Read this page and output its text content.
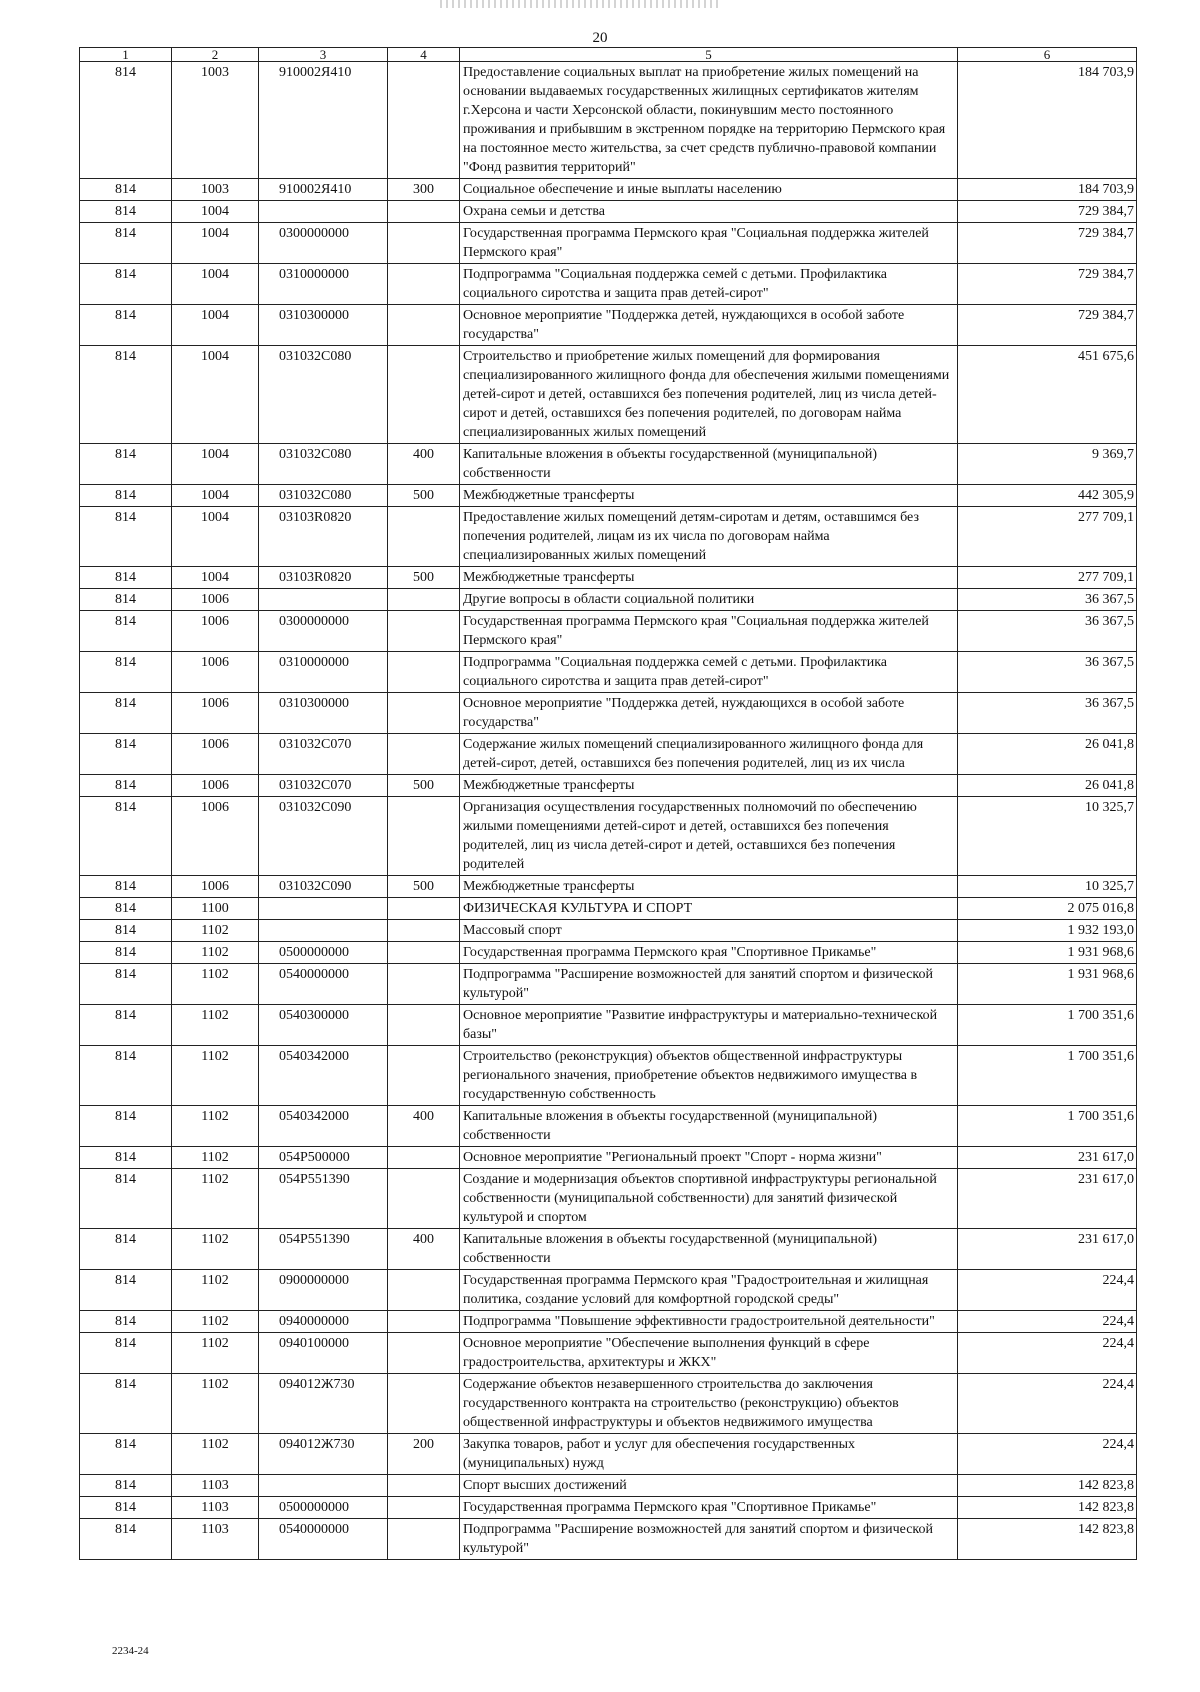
20
1	2	3	4	5	6
814	1003	910002Я410		Предоставление социальных выплат на приобретение жилых помещений на основании выдаваемых государственных жилищных сертификатов жителям г.Херсона и части Херсонской области, покинувшим место постоянного проживания и прибывшим в экстренном порядке на территорию Пермского края на постоянное место жительства, за счет средств публично-правовой компании "Фонд развития территорий"	184 703,9
814	1003	910002Я410	300	Социальное обеспечение и иные выплаты населению	184 703,9
814	1004			Охрана семьи и детства	729 384,7
814	1004	0300000000		Государственная программа Пермского края "Социальная поддержка жителей Пермского края"	729 384,7
814	1004	0310000000		Подпрограмма "Социальная поддержка семей с детьми. Профилактика социального сиротства и защита прав детей-сирот"	729 384,7
814	1004	0310300000		Основное мероприятие "Поддержка детей, нуждающихся в особой заботе государства"	729 384,7
814	1004	031032С080		Строительство и приобретение жилых помещений для формирования специализированного жилищного фонда для обеспечения жилыми помещениями детей-сирот и детей, оставшихся без попечения родителей, лиц из числа детей-сирот и детей, оставшихся без попечения родителей, по договорам найма специализированных жилых помещений	451 675,6
814	1004	031032С080	400	Капитальные вложения в объекты государственной (муниципальной) собственности	9 369,7
814	1004	031032С080	500	Межбюджетные трансферты	442 305,9
814	1004	03103R0820		Предоставление жилых помещений детям-сиротам и детям, оставшимся без попечения родителей, лицам из их числа по договорам найма специализированных жилых помещений	277 709,1
814	1004	03103R0820	500	Межбюджетные трансферты	277 709,1
814	1006			Другие вопросы в области социальной политики	36 367,5
814	1006	0300000000		Государственная программа Пермского края "Социальная поддержка жителей Пермского края"	36 367,5
814	1006	0310000000		Подпрограмма "Социальная поддержка семей с детьми. Профилактика социального сиротства и защита прав детей-сирот"	36 367,5
814	1006	0310300000		Основное мероприятие "Поддержка детей, нуждающихся в особой заботе государства"	36 367,5
814	1006	031032С070		Содержание жилых помещений специализированного жилищного фонда для детей-сирот, детей, оставшихся без попечения родителей, лиц из их числа	26 041,8
814	1006	031032С070	500	Межбюджетные трансферты	26 041,8
814	1006	031032С090		Организация осуществления государственных полномочий по обеспечению жилыми помещениями детей-сирот и детей, оставшихся без попечения родителей, лиц из числа детей-сирот и детей, оставшихся без попечения родителей	10 325,7
814	1006	031032С090	500	Межбюджетные трансферты	10 325,7
814	1100			ФИЗИЧЕСКАЯ КУЛЬТУРА И СПОРТ	2 075 016,8
814	1102			Массовый спорт	1 932 193,0
814	1102	0500000000		Государственная программа Пермского края "Спортивное Прикамье"	1 931 968,6
814	1102	0540000000		Подпрограмма "Расширение возможностей для занятий спортом и физической культурой"	1 931 968,6
814	1102	0540300000		Основное мероприятие "Развитие инфраструктуры и материально-технической базы"	1 700 351,6
814	1102	0540342000		Строительство (реконструкция) объектов общественной инфраструктуры регионального значения, приобретение объектов недвижимого имущества в государственную собственность	1 700 351,6
814	1102	0540342000	400	Капитальные вложения в объекты государственной (муниципальной) собственности	1 700 351,6
814	1102	054P500000		Основное мероприятие "Региональный проект "Спорт - норма жизни"	231 617,0
814	1102	054P551390		Создание и модернизация объектов спортивной инфраструктуры региональной собственности (муниципальной собственности) для занятий физической культурой и спортом	231 617,0
814	1102	054P551390	400	Капитальные вложения в объекты государственной (муниципальной) собственности	231 617,0
814	1102	0900000000		Государственная программа Пермского края "Градостроительная и жилищная политика, создание условий для комфортной городской среды"	224,4
814	1102	0940000000		Подпрограмма "Повышение эффективности градостроительной деятельности"	224,4
814	1102	0940100000		Основное мероприятие "Обеспечение выполнения функций в сфере градостроительства, архитектуры и ЖКХ"	224,4
814	1102	094012Ж730		Содержание объектов незавершенного строительства до заключения государственного контракта на строительство (реконструкцию) объектов общественной инфраструктуры и объектов недвижимого имущества	224,4
814	1102	094012Ж730	200	Закупка товаров, работ и услуг для обеспечения государственных (муниципальных) нужд	224,4
814	1103			Спорт высших достижений	142 823,8
814	1103	0500000000		Государственная программа Пермского края "Спортивное Прикамье"	142 823,8
814	1103	0540000000		Подпрограмма "Расширение возможностей для занятий спортом и физической культурой"	142 823,8
2234-24
